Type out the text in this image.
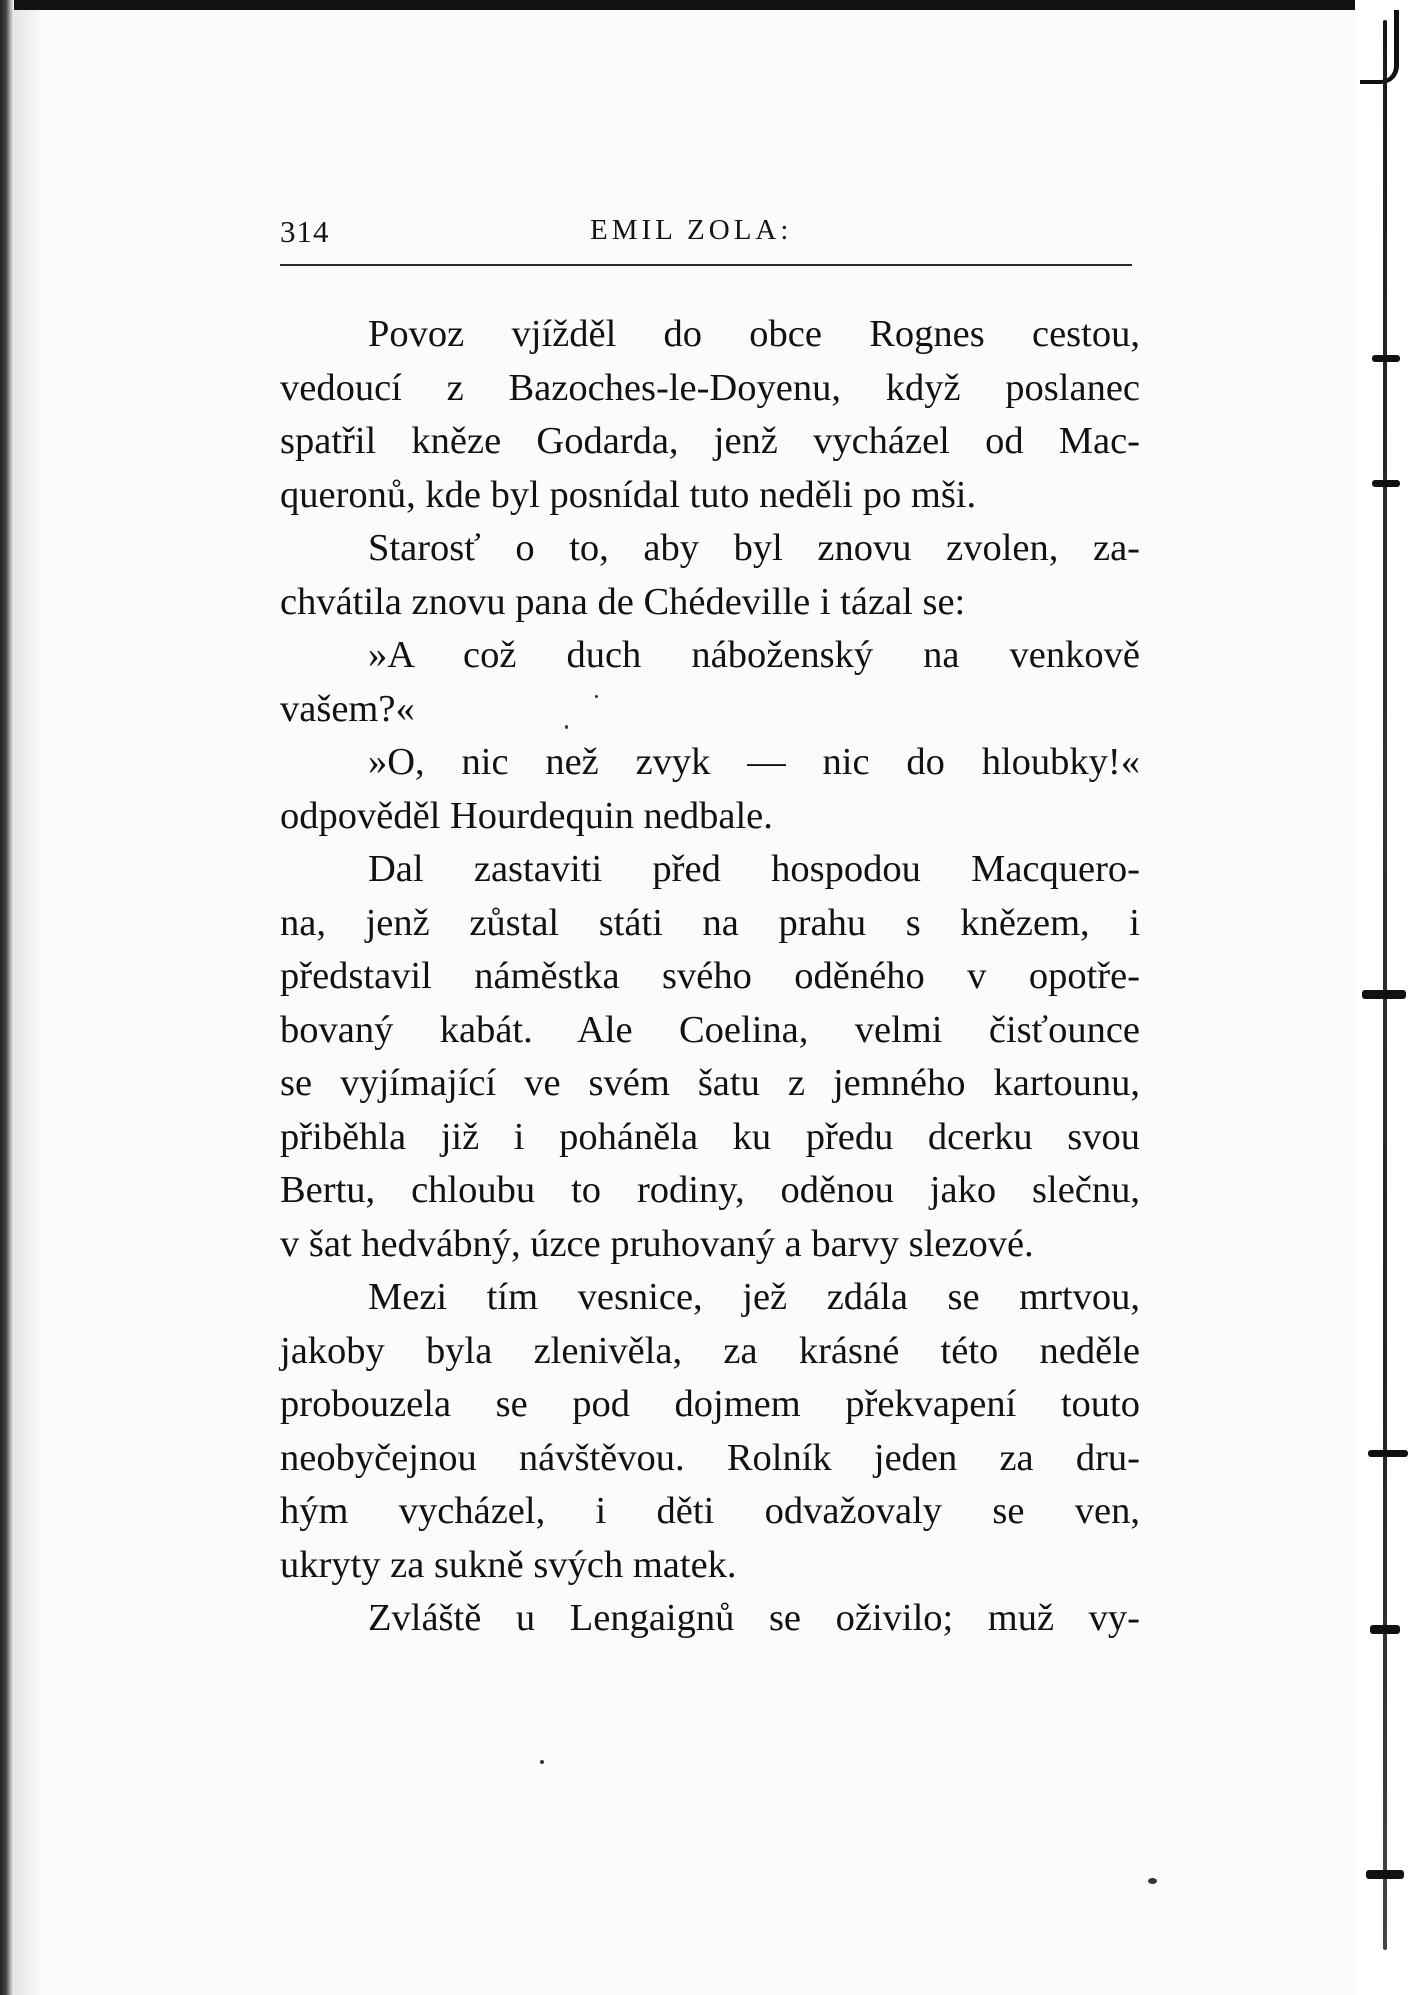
314	EMIL ZOLA:
Povoz vjížděl do obce Rognes cestou,
vedoucí z Bazoches-le-Doyenu, když poslanec
spatřil kněze Godarda, jenž vycházel od Mac-
queronů, kde byl posnídal tuto neděli po mši.
Starosť o to, aby byl znovu zvolen, za-
chvátila znovu pana de Chédeville i tázal se:
»A což duch náboženský na venkově
vašem?«
»O, nic než zvyk — nic do hloubky!«
odpověděl Hourdequin nedbale.
Dal zastaviti před hospodou Macquero-
na, jenž zůstal státi na prahu s knězem, i
představil náměstka svého oděného v opotře-
bovaný kabát. Ale Coelina, velmi čisťounce
se vyjímající ve svém šatu z jemného kartounu,
přiběhla již i poháněla ku předu dcerku svou
Bertu, chloubu to rodiny, oděnou jako slečnu,
v šat hedvábný, úzce pruhovaný a barvy slezové.
Mezi tím vesnice, jež zdála se mrtvou,
jakoby byla zlenivěla, za krásné této neděle
probouzela se pod dojmem překvapení touto
neobyčejnou návštěvou. Rolník jeden za dru-
hým vycházel, i děti odvažovaly se ven,
ukryty za sukně svých matek.
Zvláště u Lengaignů se oživilo; muž vy-
